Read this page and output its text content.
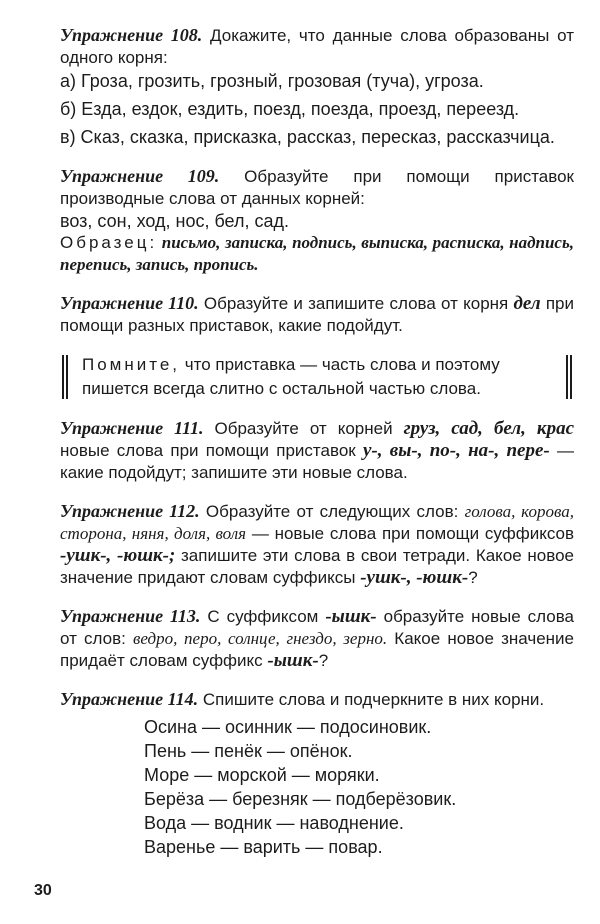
Упражнение 108. Докажите, что данные слова образованы от одного корня:

а) Гроза, грозить, грозный, грозовая (туча), угроза.

б) Езда, ездок, ездить, поезд, поезда, проезд, переезд.

в) Сказ, сказка, присказка, рассказ, пересказ, рассказчица.

Упражнение 109. Образуйте при помощи приставок производные слова от данных корней:

воз, сон, ход, нос, бел, сад.

Образец: письмо, записка, подпись, выписка, расписка, надпись, перепись, запись, пропись.

Упражнение 110. Образуйте и запишите слова от корня дел при помощи разных приставок, какие подойдут.

Помните, что приставка — часть слова и поэтому пишется всегда слитно с остальной частью слова.

Упражнение 111. Образуйте от корней груз, сад, бел, крас новые слова при помощи приставок у-, вы-, по-, на-, пере- — какие подойдут; запишите эти новые слова.

Упражнение 112. Образуйте от следующих слов: голова, корова, сторона, няня, доля, воля — новые слова при помощи суффиксов -ушк-, -юшк-; запишите эти слова в свои тетради. Какое новое значение придают словам суффиксы -ушк-, -юшк-?

Упражнение 113. С суффиксом -ышк- образуйте новые слова от слов: ведро, перо, солнце, гнездо, зерно. Какое новое значение придаёт словам суффикс -ышк-?

Упражнение 114. Спишите слова и подчеркните в них корни.

Осина — осинник — подосиновик.
Пень — пенёк — опёнок.
Море — морской — моряки.
Берёза — березняк — подберёзовик.
Вода — водник — наводнение.
Варенье — варить — повар.
30
